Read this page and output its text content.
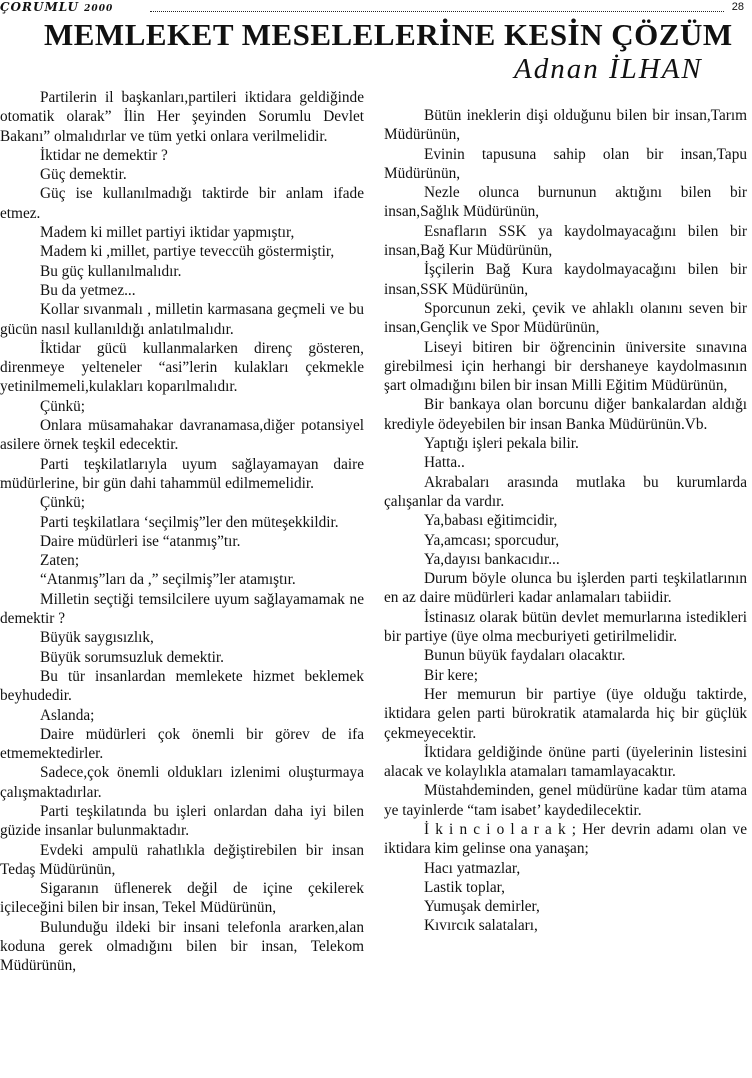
ÇORUMLU 2000	28
MEMLEKET MESELELERİNE KESİN ÇÖZÜM
Adnan İLHAN

Partilerin il başkanları,partileri iktidara geldiğinde otomatik olarak” İlin Her şeyinden Sorumlu Devlet Bakanı” olmalıdırlar ve tüm yetki onlara verilmelidir.

İktidar ne demektir ?

Güç demektir.

Güç ise kullanılmadığı taktirde bir anlam ifade etmez.

Madem ki millet partiyi iktidar yapmıştır,

Madem ki ,millet, partiye teveccüh göstermiştir,

Bu güç kullanılmalıdır.

Bu da yetmez...

Kollar sıvanmalı , milletin karmasana geçmeli ve bu gücün nasıl kullanıldığı anlatılmalıdır.

İktidar gücü kullanmalarken direnç gösteren, direnmeye yelteneler “asi”lerin kulakları çekmekle yetinilmemeli,kulakları koparılmalıdır.

Çünkü;

Onlara müsamahakar davranamasa,diğer potansiyel asilere örnek teşkil edecektir.

Parti teşkilatlarıyla uyum sağlayamayan daire müdürlerine, bir gün dahi tahammül edilmemelidir.

Çünkü;

Parti teşkilatlara ‘seçilmiş”ler den müteşekkildir.

Daire müdürleri ise “atanmış”tır.

Zaten;

“Atanmış”ları da ,” seçilmiş”ler atamıştır.

Milletin seçtiği temsilcilere uyum sağlayamamak ne demektir ?

Büyük saygısızlık,

Büyük sorumsuzluk demektir.

Bu tür insanlardan memlekete hizmet beklemek beyhudedir.

Aslanda;

Daire müdürleri çok önemli bir görev de ifa etmemektedirler.

Sadece,çok önemli oldukları izlenimi oluşturmaya çalışmaktadırlar.

Parti teşkilatında bu işleri onlardan daha iyi bilen güzide insanlar bulunmaktadır.

Evdeki ampulü rahatlıkla değiştirebilen bir insan Tedaş Müdürünün,

Sigaranın üflenerek değil de içine çekilerek içileceğini bilen bir insan, Tekel Müdürünün,

Bulunduğu ildeki bir insani telefonla ararken,alan koduna gerek olmadığını bilen bir insan, Telekom Müdürünün,

Bütün ineklerin dişi olduğunu bilen bir insan,Tarım Müdürünün,

Evinin tapusuna sahip olan bir insan,Tapu Müdürünün,

Nezle olunca burnunun aktığını bilen bir insan,Sağlık Müdürünün,

Esnafların SSK ya kaydolmayacağını bilen bir insan,Bağ Kur Müdürünün,

İşçilerin Bağ Kura kaydolmayacağını bilen bir insan,SSK Müdürünün,

Sporcunun zeki, çevik ve ahlaklı olanını seven bir insan,Gençlik ve Spor Müdürünün,

Liseyi bitiren bir öğrencinin üniversite sınavına girebilmesi için herhangi bir dershaneye kaydolmasının şart olmadığını bilen bir insan Milli Eğitim Müdürünün,

Bir bankaya olan borcunu diğer bankalardan aldığı krediyle ödeyebilen bir insan Banka Müdürünün.Vb.

Yaptığı işleri pekala bilir.

Hatta..

Akrabaları arasında mutlaka bu kurumlarda çalışanlar da vardır.

Ya,babası eğitimcidir,

Ya,amcası; sporcudur,

Ya,dayısı bankacıdır...

Durum böyle olunca bu işlerden parti teşkilatlarının en az daire müdürleri kadar anlamaları tabiidir.

İstinasız olarak bütün devlet memurlarına istedikleri bir partiye (üye olma mecburiyeti getirilmelidir.

Bunun büyük faydaları olacaktır.

Bir kere;

Her memurun bir partiye (üye olduğu taktirde, iktidara gelen parti bürokratik atamalarda hiç bir güçlük çekmeyecektir.

İktidara geldiğinde önüne parti (üyelerinin listesini alacak ve kolaylıkla atamaları tamamlayacaktır.

Müstahdeminden, genel müdürüne kadar tüm atama ye tayinlerde “tam isabet’ kaydedilecektir.

İ k i n c i o l a r a k ; Her devrin adamı olan ve iktidara kim gelinse ona yanaşan;

Hacı yatmazlar,

Lastik toplar,

Yumuşak demirler,

Kıvırcık salataları,
